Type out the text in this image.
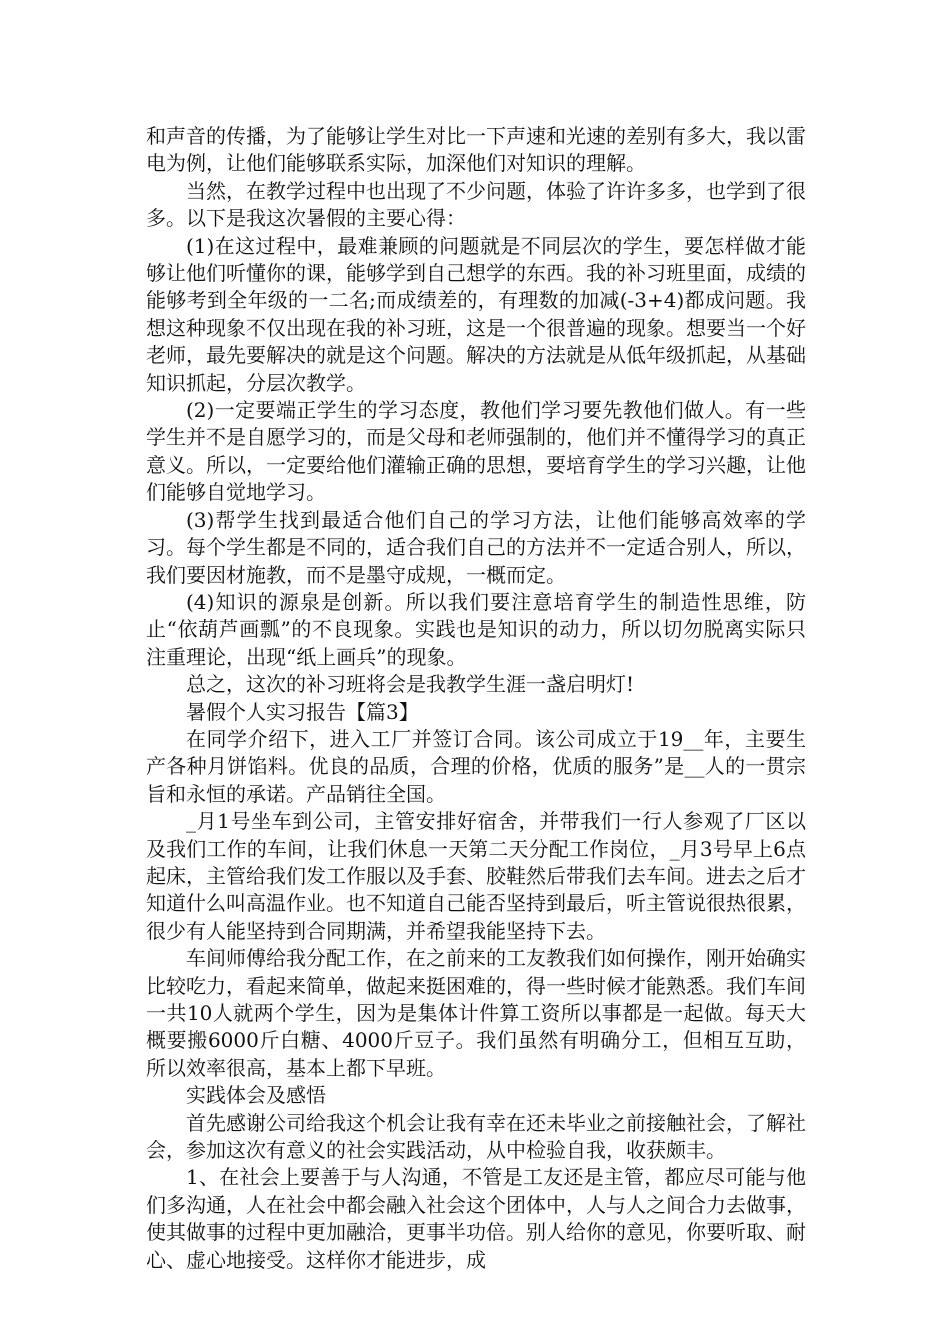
和声音的传播，为了能够让学生对比一下声速和光速的差别有多大，我以雷电为例，让他们能够联系实际，加深他们对知识的理解。

当然，在教学过程中也出现了不少问题，体验了许许多多，也学到了很多。以下是我这次暑假的主要心得：

(1)在这过程中，最难兼顾的问题就是不同层次的学生，要怎样做才能够让他们听懂你的课，能够学到自己想学的东西。我的补习班里面，成绩的能够考到全年级的一二名;而成绩差的，有理数的加减(-3+4)都成问题。我想这种现象不仅出现在我的补习班，这是一个很普遍的现象。想要当一个好老师，最先要解决的就是这个问题。解决的方法就是从低年级抓起，从基础知识抓起，分层次教学。

(2)一定要端正学生的学习态度，教他们学习要先教他们做人。有一些学生并不是自愿学习的，而是父母和老师强制的，他们并不懂得学习的真正意义。所以，一定要给他们灌输正确的思想，要培育学生的学习兴趣，让他们能够自觉地学习。

(3)帮学生找到最适合他们自己的学习方法，让他们能够高效率的学习。每个学生都是不同的，适合我们自己的方法并不一定适合别人，所以，我们要因材施教，而不是墨守成规，一概而定。

(4)知识的源泉是创新。所以我们要注意培育学生的制造性思维，防止“依葫芦画瓢”的不良现象。实践也是知识的动力，所以切勿脱离实际只注重理论，出现“纸上画兵”的现象。

总之，这次的补习班将会是我教学生涯一盏启明灯!

暑假个人实习报告【篇3】

在同学介绍下，进入工厂并签订合同。该公司成立于19__年，主要生产各种月饼馅料。优良的品质，合理的价格，优质的服务”是__人的一贯宗旨和永恒的承诺。产品销往全国。

_月1号坐车到公司，主管安排好宿舍，并带我们一行人参观了厂区以及我们工作的车间，让我们休息一天第二天分配工作岗位，_月3号早上6点起床，主管给我们发工作服以及手套、胶鞋然后带我们去车间。进去之后才知道什么叫高温作业。也不知道自己能否坚持到最后，听主管说很热很累，很少有人能坚持到合同期满，并希望我能坚持下去。

车间师傅给我分配工作，在之前来的工友教我们如何操作，刚开始确实比较吃力，看起来简单，做起来挺困难的，得一些时候才能熟悉。我们车间一共10人就两个学生，因为是集体计件算工资所以事都是一起做。每天大概要搬6000斤白糖、4000斤豆子。我们虽然有明确分工，但相互互助，所以效率很高，基本上都下早班。

实践体会及感悟

首先感谢公司给我这个机会让我有幸在还未毕业之前接触社会，了解社会，参加这次有意义的社会实践活动，从中检验自我，收获颇丰。

1、在社会上要善于与人沟通，不管是工友还是主管，都应尽可能与他们多沟通，人在社会中都会融入社会这个团体中，人与人之间合力去做事，使其做事的过程中更加融洽，更事半功倍。别人给你的意见，你要听取、耐心、虚心地接受。这样你才能进步，成
